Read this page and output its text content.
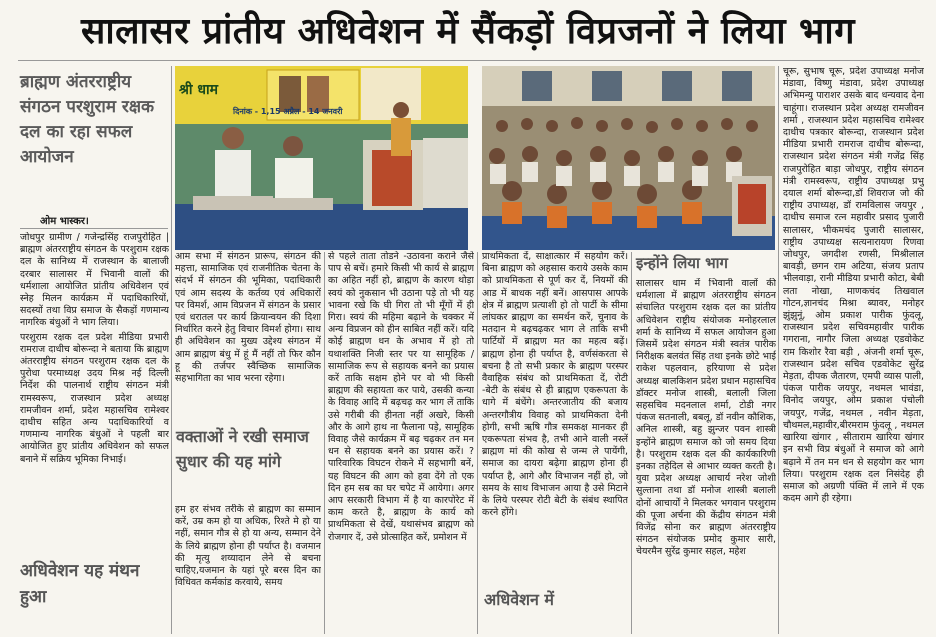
सालासर प्रांतीय अधिवेशन में सैंकड़ों विप्रजनों ने लिया भाग
ब्राह्मण अंतरराष्ट्रीय संगठन परशुराम रक्षक दल का रहा सफल आयोजन
ओम भास्कर।

जोधपुर ग्रामीण / गजेन्द्रसिंह राजपुरोहित |ब्राह्मण अंतरराष्ट्रीय संगठन के परशुराम रक्षक दल के सानिध्य में राजस्थान के बालाजी दरबार सालासर में भिवानी वालों की धर्मशाला आयोजित प्रांतीय अधिवेशन एवं स्नेह मिलन कार्यक्रम में पदाधिकारियों, सदस्यों तथा विप्र समाज के सैकड़ों गणमान्य नागरिक बंधुओं ने भाग लिया।

परशुराम रक्षक दल प्रदेश मीडिया प्रभारी रामराज दाधीच बोरून्दा ने बताया कि ब्राह्मण अंतरराष्ट्रीय संगठन परशुराम रक्षक दल के पुरोधा परमाध्यक्ष उदय मिश्र नई दिल्ली निर्देश की पालनार्थ राष्ट्रीय संगठन मंत्री रामस्वरूप, राजस्थान प्रदेश अध्यक्ष रामजीवन शर्मा, प्रदेश महासचिव रामेश्वर दाधीच सहित अन्य पदाधिकारियों व गणमान्य नागरिक बंधुओं ने पहली बार आयोजित हुए प्रांतीय अधिवेशन को सफल बनाने में सक्रिय भूमिका निभाई।

अधिवेशन यह मंथन हुआ
श्री धाम
दिनांक - 1,15 अप्रैल - 14 जनवरी

आम सभा में संगठन प्रारूप, संगठन की महत्ता, सामाजिक एवं राजनीतिक चेतना के संदर्भ में संगठन की भूमिका, पदाधिकारी एवं आम सदस्य के कर्तव्य एवं अधिकारों पर विमर्श, आम विप्रजन में संगठन के प्रसार एवं धरातल पर कार्य क्रियान्वयन की दिशा निर्धारित करने हेतु विचार विमर्श होगा। साथ ही अधिवेशन का मुख्य उद्देश्य संगठन में आम ब्राह्मण बंधु में हूं मैं नहीं तो फिर कौन हू की तर्जपर स्वैच्छिक सामाजिक सहभागिता का भाव भरना रहेगा।

वक्ताओं ने रखी समाज सुधार की यह मांगे

हम हर संभव तरीके से ब्राह्मण का सम्मान करें, उम्र कम हो या अधिक, रिश्ते मे हो या नहीं, समान गौत्र से हो या अन्य, सम्मान देने के लिये ब्राह्मण होना ही पर्याप्त है। वजमान की मृत्यु शय्यादान लेने से बचना चाहिए,यजमान के यहां पूरे बरस दिन का विधिवत कर्मकांड करवाये, समय

से पहले ताता तोडने -उठावना कराने जैसे पाप से बचें। हमारे किसी भी कार्य से ब्राह्मण का अहित नहीं हो, ब्राह्मण के कारण थोड़ा स्वयं को नुकसान भी उठाना पड़े तो भी यह भावना रखे कि घी गिरा तो भी मूँगों में ही गिरा। स्वयं की महिमा बढ़ाने के चक्कर में अन्य विप्रजन को हीन साबित नहीं करें। यदि कोई ब्राह्मण धन के अभाव में हो तो यथाशक्ति निजी स्तर पर या सामूहिक /सामाजिक रूप से सहायक बनने का प्रयास करें ताकि सक्षम होने पर वो भी किसी ब्राह्मण की सहायता कर पाये, उसकी कन्या के विवाह आदि में बढ़चढ़ कर भाग लें ताकि उसे गरीबी की हीनता नहीं अखरे, किसी और के आगे हाथ ना फैलाना पड़े, सामूहिक विवाह जैसे कार्यक्रम में बढ़ चढ़कर तन मन धन से सहायक बनने का प्रयास करें। ?पारिवारिक विघटन रोकने में सहभागी बनें, यह विघटन की आग को हवा देंगे तो एक दिन हम सब का घर चपेट में आयेगा। अगर आप सरकारी विभाग में है या कारपोरेट में काम करते है, ब्राह्मण के कार्य को प्राथमिकता से देखें, यथासंभव ब्राह्मण को रोजगार दें, उसे प्रोत्साहित करें, प्रमोशन में

प्राथमिकता दें, साक्षात्कार में सहयोग करें। बिना ब्राह्मण को अहसास कराये उसके काम को प्राथमिकता से पूर्ण कर दें, नियमों की आड में बाधक नहीं बनें। आसपास आपके क्षेत्र में ब्राह्मण प्रत्याशी हो तो पार्टी के सीमा लांघकर ब्राह्मण का समर्थन करें, चुनाव के मतदान मे बढ़चढ़कर भाग ले ताकि सभी पार्टियों में ब्राह्मण मत का महत्व बढ़ें। ब्राह्मण होना ही पर्याप्त है, वर्णसंकरता से बचना है तो सभी प्रकार के ब्राह्मण परस्पर वैवाहिक संबंध को प्राथमिकता दें, रोटी -बेटी के संबंध से ही ब्राह्मण एकरूपता के धागे में बंधेंगे। अन्तरजातीय की बजाय अन्तरगौत्रीय विवाह को प्राथमिकता देनी होगी, सभी ऋषि गौत्र समकक्ष मानकर ही एकरूपता संभव है, तभी आने वाली नस्लें ब्राह्मण मां की कोख से जन्म ले पायेंगी, समाज का दायरा बढ़ेगा ब्राह्मण होना ही पर्याप्त है, आगे और विभाजन नहीं हो, जो समय के साथ विभाजन आया है उसे मिटाने के लिये परस्पर रोटी बेटी के संबंध स्थापित करने होंगे।

अधिवेशन में
इन्होंने लिया भाग

सालासर धाम में भिवानी वालों की धर्मशाला में ब्राह्मण अंतरराष्ट्रीय संगठन संचालित परशुराम रक्षक दल का प्रांतीय अधिवेशन राष्ट्रीय संयोजक मनोहरलाल शर्मा के सानिध्य में सफल आयोजन हुआ जिसमें प्रदेश संगठन मंत्री स्वतंत्र पारीक निरीक्षक बलवंत सिंह तथा इनके छोटे भाई राकेश पहलवान, हरियाणा से प्रदेश अध्यक्ष बालकिशन प्रदेश प्रधान महासचिव डॉक्टर मनोज शास्त्री, बलाली जिला सहसचिव मदनलाल शर्मा, टोडी नगर पंकज सतनाली, बबलू, डॉ नवीन कौशिक, अनिल शास्त्री, बहु झुन्जर पवन शास्त्री इन्होंने ब्राह्मण समाज को जो समय दिया है। परशुराम रक्षक दल की कार्यकारिणी इनका तहेदिल से आभार व्यक्त करती है। युवा प्रदेश अध्यक्ष आचार्य नरेश जोशी सुल्ताना तथा डॉ मनोज शास्त्री बलाली दोनों आचार्यों ने मिलकर भगवान परशुराम की पूजा अर्चना की केंद्रीय संगठन मंत्री विजेंद्र सोना कर ब्राह्मण अंतरराष्ट्रीय संगठन संयोजक प्रमोद कुमार सारी, चेयरमैन सुरेंद्र कुमार सहल, महेश

चूरू, सुभाष चूरू, प्रदेश उपाध्यक्ष मनोज मंडावा, विष्णु मंडावा, प्रदेश उपाध्यक्ष अभिमन्यु पाराशर उसके बाद धन्यवाद देना चाहूंगा। राजस्थान प्रदेश अध्यक्ष रामजीवन शर्मा , राजस्थान प्रदेश महासचिव रामेश्वर दाधीच पत्रकार बोरून्दा, राजस्थान प्रदेश मीडिया प्रभारी रामराज दाधीच बोरून्दा, राजस्थान प्रदेश संगठन मंत्री गजेंद्र सिंह राजपुरोहित बाड़ा जोधपुर, राष्ट्रीय संगठन मंत्री रामस्वरूप, राष्ट्रीय उपाध्यक्ष प्रभु दयाल शर्मा बोरून्दा,डॉ शिवराज जो की राष्ट्रीय उपाध्यक्ष, डॉ रामविलास जयपुर , दाधीच समाज रत्न महावीर प्रसाद पुजारी सालासर, भीकमचंद पुजारी सालासर, राष्ट्रीय उपाध्यक्ष सत्यनारायण रिणवा जोधपुर, जगदीश रणसी, मिश्रीलाल बावड़ी, छगन राम अटिया, संजय प्रताप भीलवाड़ा, रानी मीडिया प्रभारी कोटा, बेबी लता नोखा, माणकचंद तिखवाल गोटन,ज्ञानचंद मिश्रा ब्यावर, मनोहर झुंझुनूं, ओम प्रकाश पारीक फुंदलू, राजस्थान प्रदेश सचिवमहावीर पारीक गगराना, नागौर जिला अध्यक्ष एडवोकेट राम किशोर रैवा बड़ी , अंजनी शर्मा चूरू, राजस्थान प्रदेश सचिव एडवोकेट सुरेंद्र मेड़ता, दीपक जैतारण, एमपी व्यास पाली, पंकज पारीक जयपुर, नथमल भावंडा, विनोद जयपुर, ओम प्रकाश पंचोली जयपुर, गजेंद्र, नथमल , नवीन मेड़ता, चौथमल,महावीर,बीरमराम फुंदलू , नथमल खारिया खंगार , सीताराम खारिया खंगार इन सभी विप्र बंधुओं ने समाज को आगे बढ़ाने में तन मन धन से सहयोग कर भाग लिया। परशुराम रक्षक दल निसंदेह ही समाज को अग्रणी पंक्ति में लाने में एक कदम आगे ही रहेगा।
